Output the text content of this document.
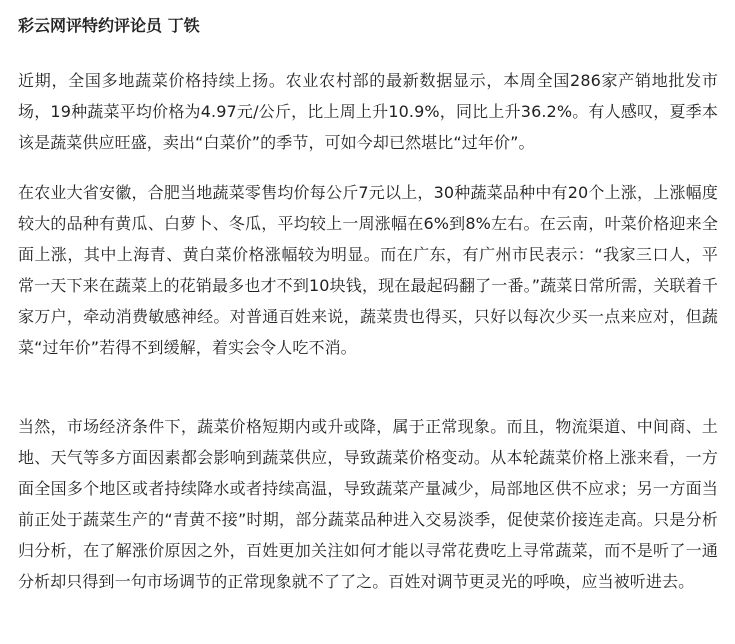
彩云网评特约评论员 丁铁

近期，全国多地蔬菜价格持续上扬。农业农村部的最新数据显示，本周全国286家产销地批发市场，19种蔬菜平均价格为4.97元/公斤，比上周上升10.9%，同比上升36.2%。有人感叹，夏季本该是蔬菜供应旺盛，卖出“白菜价”的季节，可如今却已然堪比“过年价”。

在农业大省安徽，合肥当地蔬菜零售均价每公斤7元以上，30种蔬菜品种中有20个上涨，上涨幅度较大的品种有黄瓜、白萝卜、冬瓜，平均较上一周涨幅在6%到8%左右。在云南，叶菜价格迎来全面上涨，其中上海青、黄白菜价格涨幅较为明显。而在广东，有广州市民表示：“我家三口人，平常一天下来在蔬菜上的花销最多也才不到10块钱，现在最起码翻了一番。”蔬菜日常所需，关联着千家万户，牵动消费敏感神经。对普通百姓来说，蔬菜贵也得买，只好以每次少买一点来应对，但蔬菜“过年价”若得不到缓解，着实会令人吃不消。

当然，市场经济条件下，蔬菜价格短期内或升或降，属于正常现象。而且，物流渠道、中间商、土地、天气等多方面因素都会影响到蔬菜供应，导致蔬菜价格变动。从本轮蔬菜价格上涨来看，一方面全国多个地区或者持续降水或者持续高温，导致蔬菜产量减少，局部地区供不应求；另一方面当前正处于蔬菜生产的“青黄不接”时期，部分蔬菜品种进入交易淡季，促使菜价接连走高。只是分析归分析，在了解涨价原因之外，百姓更加关注如何才能以寻常花费吃上寻常蔬菜，而不是听了一通分析却只得到一句市场调节的正常现象就不了了之。百姓对调节更灵光的呼唤，应当被听进去。
